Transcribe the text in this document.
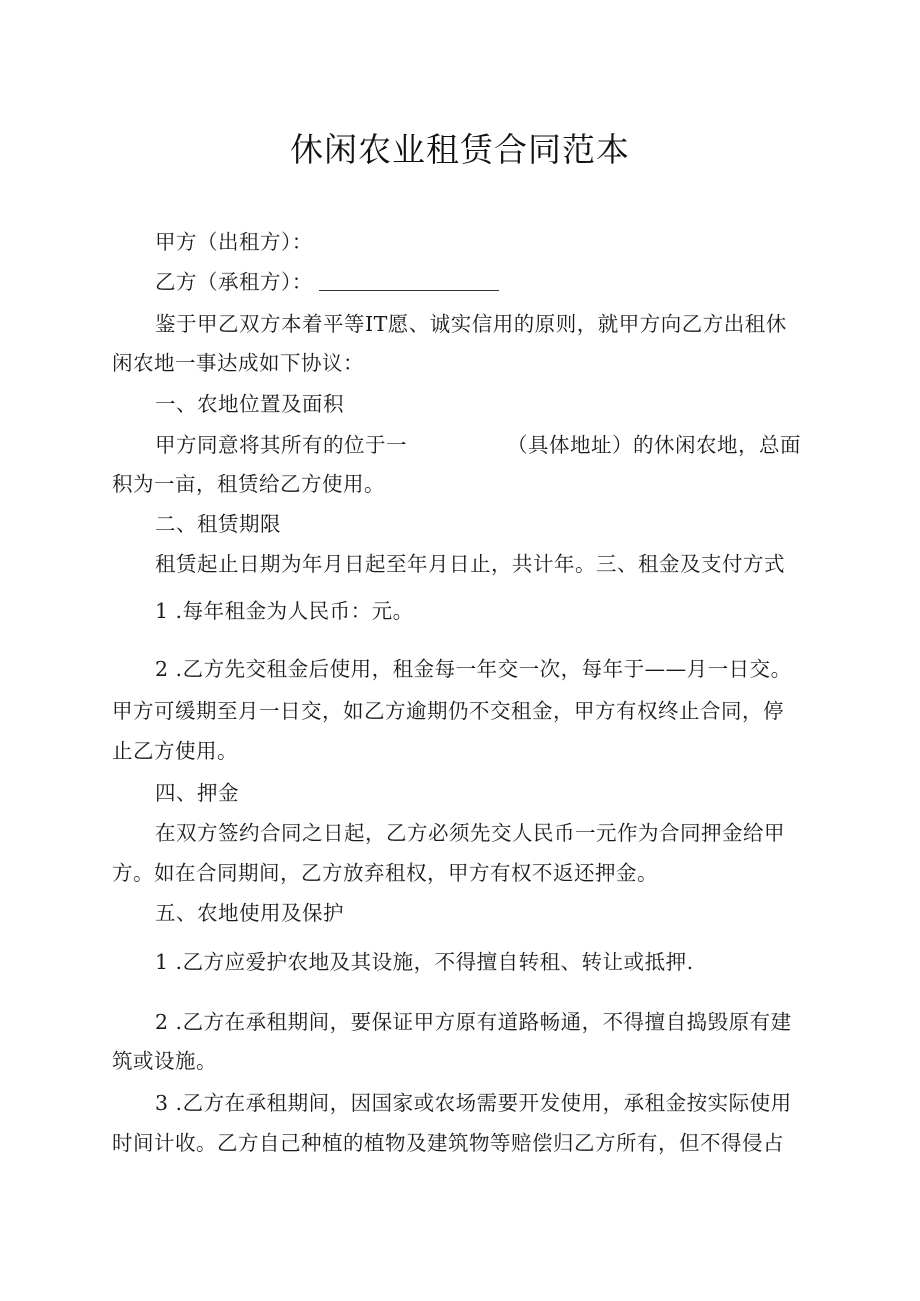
休闲农业租赁合同范本
甲方（出租方）：
乙方（承租方）：
鉴于甲乙双方本着平等IT愿、诚实信用的原则，就甲方向乙方出租休
闲农地一事达成如下协议：
一、农地位置及面积
甲方同意将其所有的位于一	（具体地址）的休闲农地，总面
积为一亩，租赁给乙方使用。
二、租赁期限
租赁起止日期为年月日起至年月日止，共计年。三、租金及支付方式
1 .每年租金为人民币：元。
2 .乙方先交租金后使用，租金每一年交一次，每年于——月一日交。
甲方可缓期至月一日交，如乙方逾期仍不交租金，甲方有权终止合同，停
止乙方使用。
四、押金
在双方签约合同之日起，乙方必须先交人民币一元作为合同押金给甲
方。如在合同期间，乙方放弃租权，甲方有权不返还押金。
五、农地使用及保护
1 .乙方应爱护农地及其设施，不得擅自转租、转让或抵押.
2 .乙方在承租期间，要保证甲方原有道路畅通，不得擅自捣毁原有建
筑或设施。
3 .乙方在承租期间，因国家或农场需要开发使用，承租金按实际使用
时间计收。乙方自己种植的植物及建筑物等赔偿归乙方所有，但不得侵占
